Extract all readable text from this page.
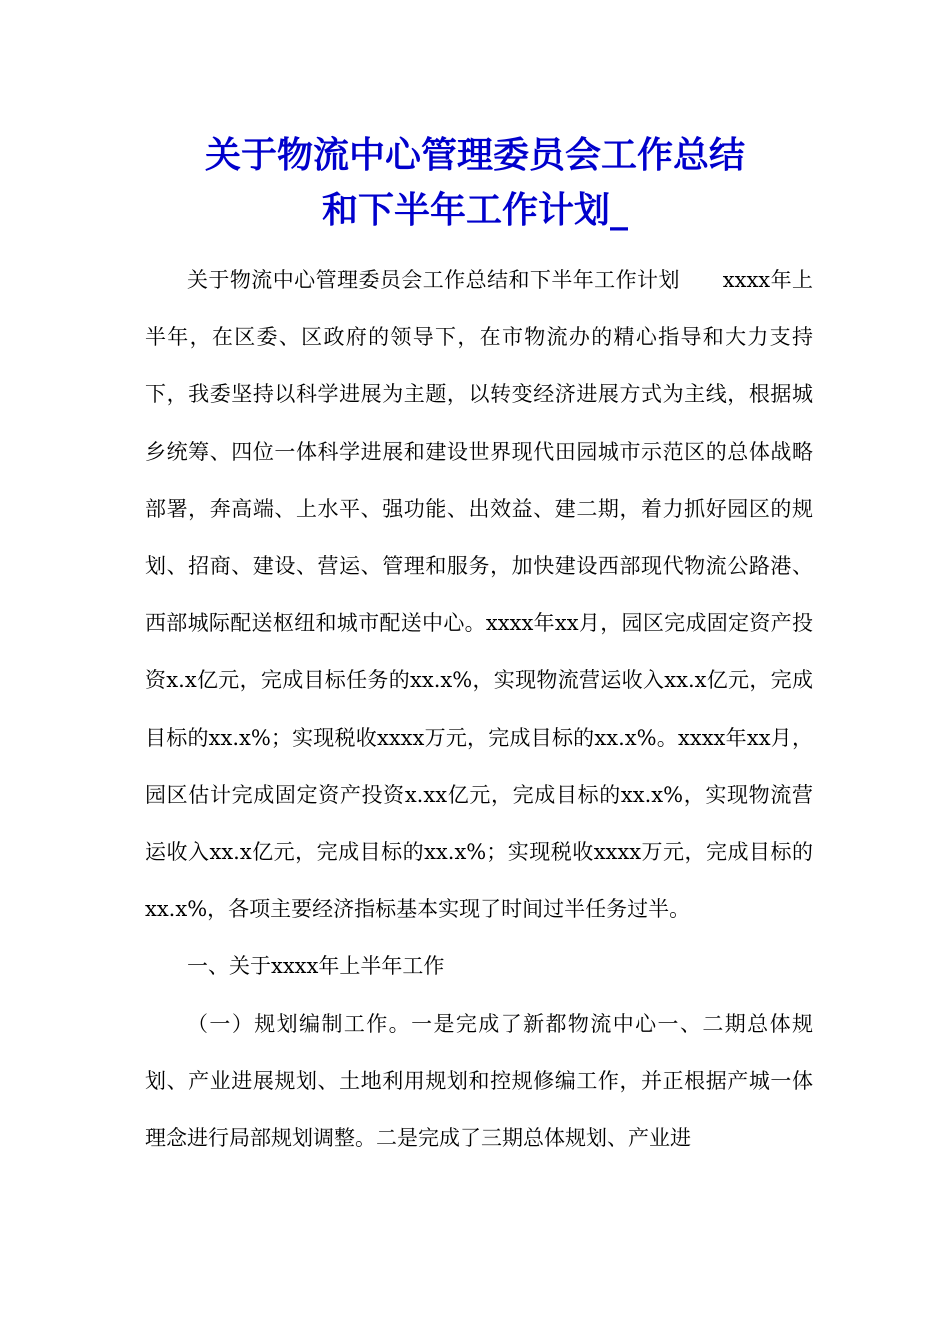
关于物流中心管理委员会工作总结
和下半年工作计划_

关于物流中心管理委员会工作总结和下半年工作计划　　xxxx年上半年，在区委、区政府的领导下，在市物流办的精心指导和大力支持下，我委坚持以科学进展为主题，以转变经济进展方式为主线，根据城乡统筹、四位一体科学进展和建设世界现代田园城市示范区的总体战略部署，奔高端、上水平、强功能、出效益、建二期，着力抓好园区的规划、招商、建设、营运、管理和服务，加快建设西部现代物流公路港、西部城际配送枢纽和城市配送中心。xxxx年xx月，园区完成固定资产投资x.x亿元，完成目标任务的xx.x%，实现物流营运收入xx.x亿元，完成目标的xx.x%；实现税收xxxx万元，完成目标的xx.x%。xxxx年xx月，园区估计完成固定资产投资x.xx亿元，完成目标的xx.x%，实现物流营运收入xx.x亿元，完成目标的xx.x%；实现税收xxxx万元，完成目标的xx.x%，各项主要经济指标基本实现了时间过半任务过半。

一、关于xxxx年上半年工作

（一）规划编制工作。一是完成了新都物流中心一、二期总体规划、产业进展规划、土地利用规划和控规修编工作，并正根据产城一体理念进行局部规划调整。二是完成了三期总体规划、产业进
